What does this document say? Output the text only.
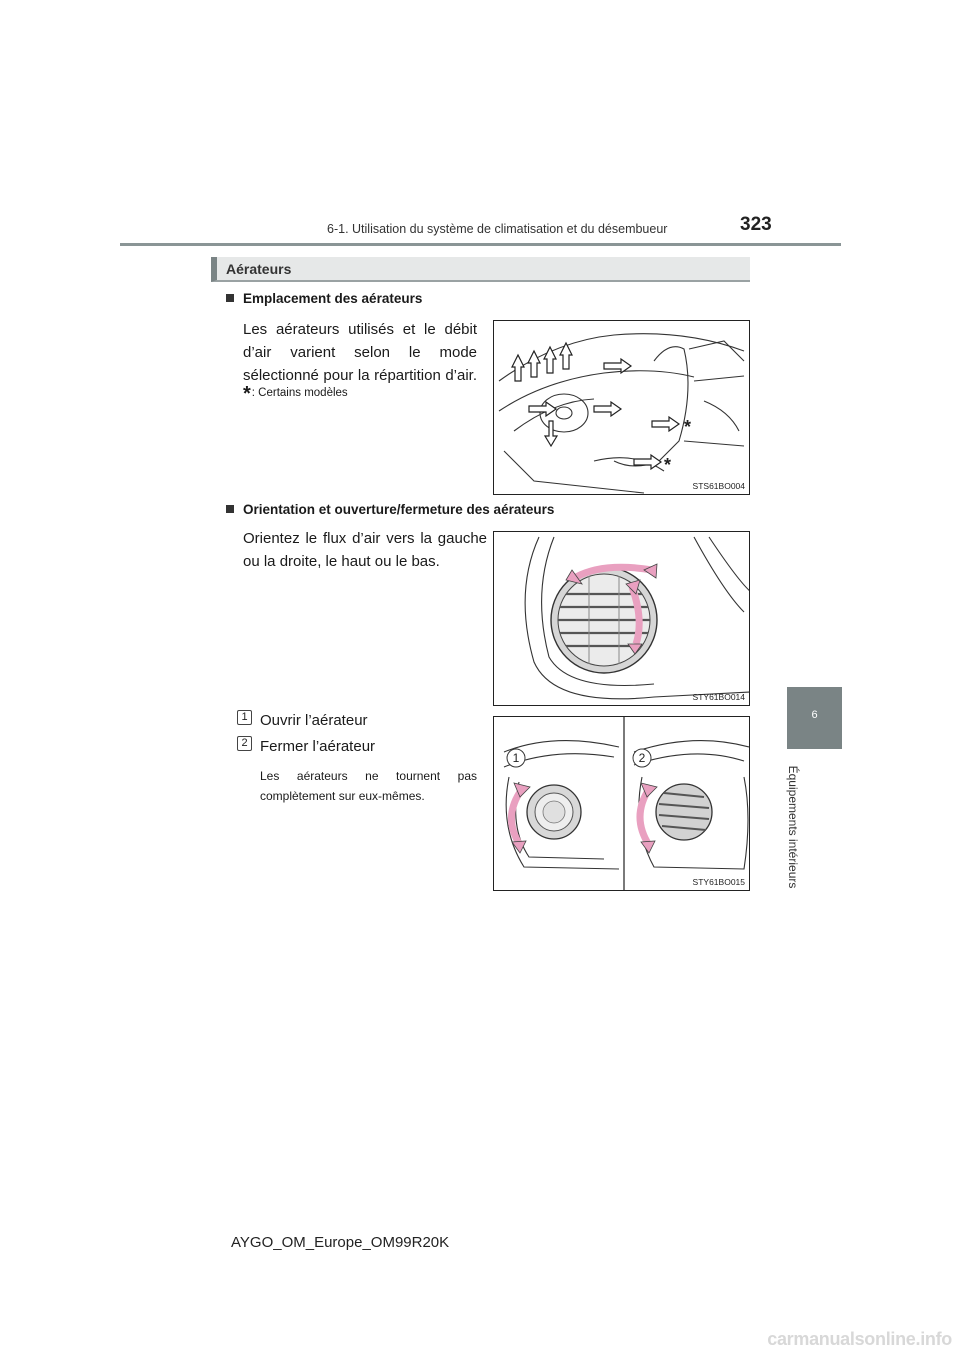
6-1. Utilisation du système de climatisation et du désembueur	323
6
Équipements intérieurs
Aérateurs
Emplacement des aérateurs
Les aérateurs utilisés et le débit d’air varient selon le mode sélectionné pour la répartition d’air.
*: Certains modèles
*
*
STS61BO004
Orientation et ouverture/fermeture des aérateurs
Orientez le flux d’air vers la gauche ou la droite, le haut ou le bas.
STY61BO014
1 Ouvrir l’aérateur
2 Fermer l’aérateur
Les aérateurs ne tournent pas complètement sur eux-mêmes.
1	2
STY61BO015
AYGO_OM_Europe_OM99R20K
carmanualsonline.info
